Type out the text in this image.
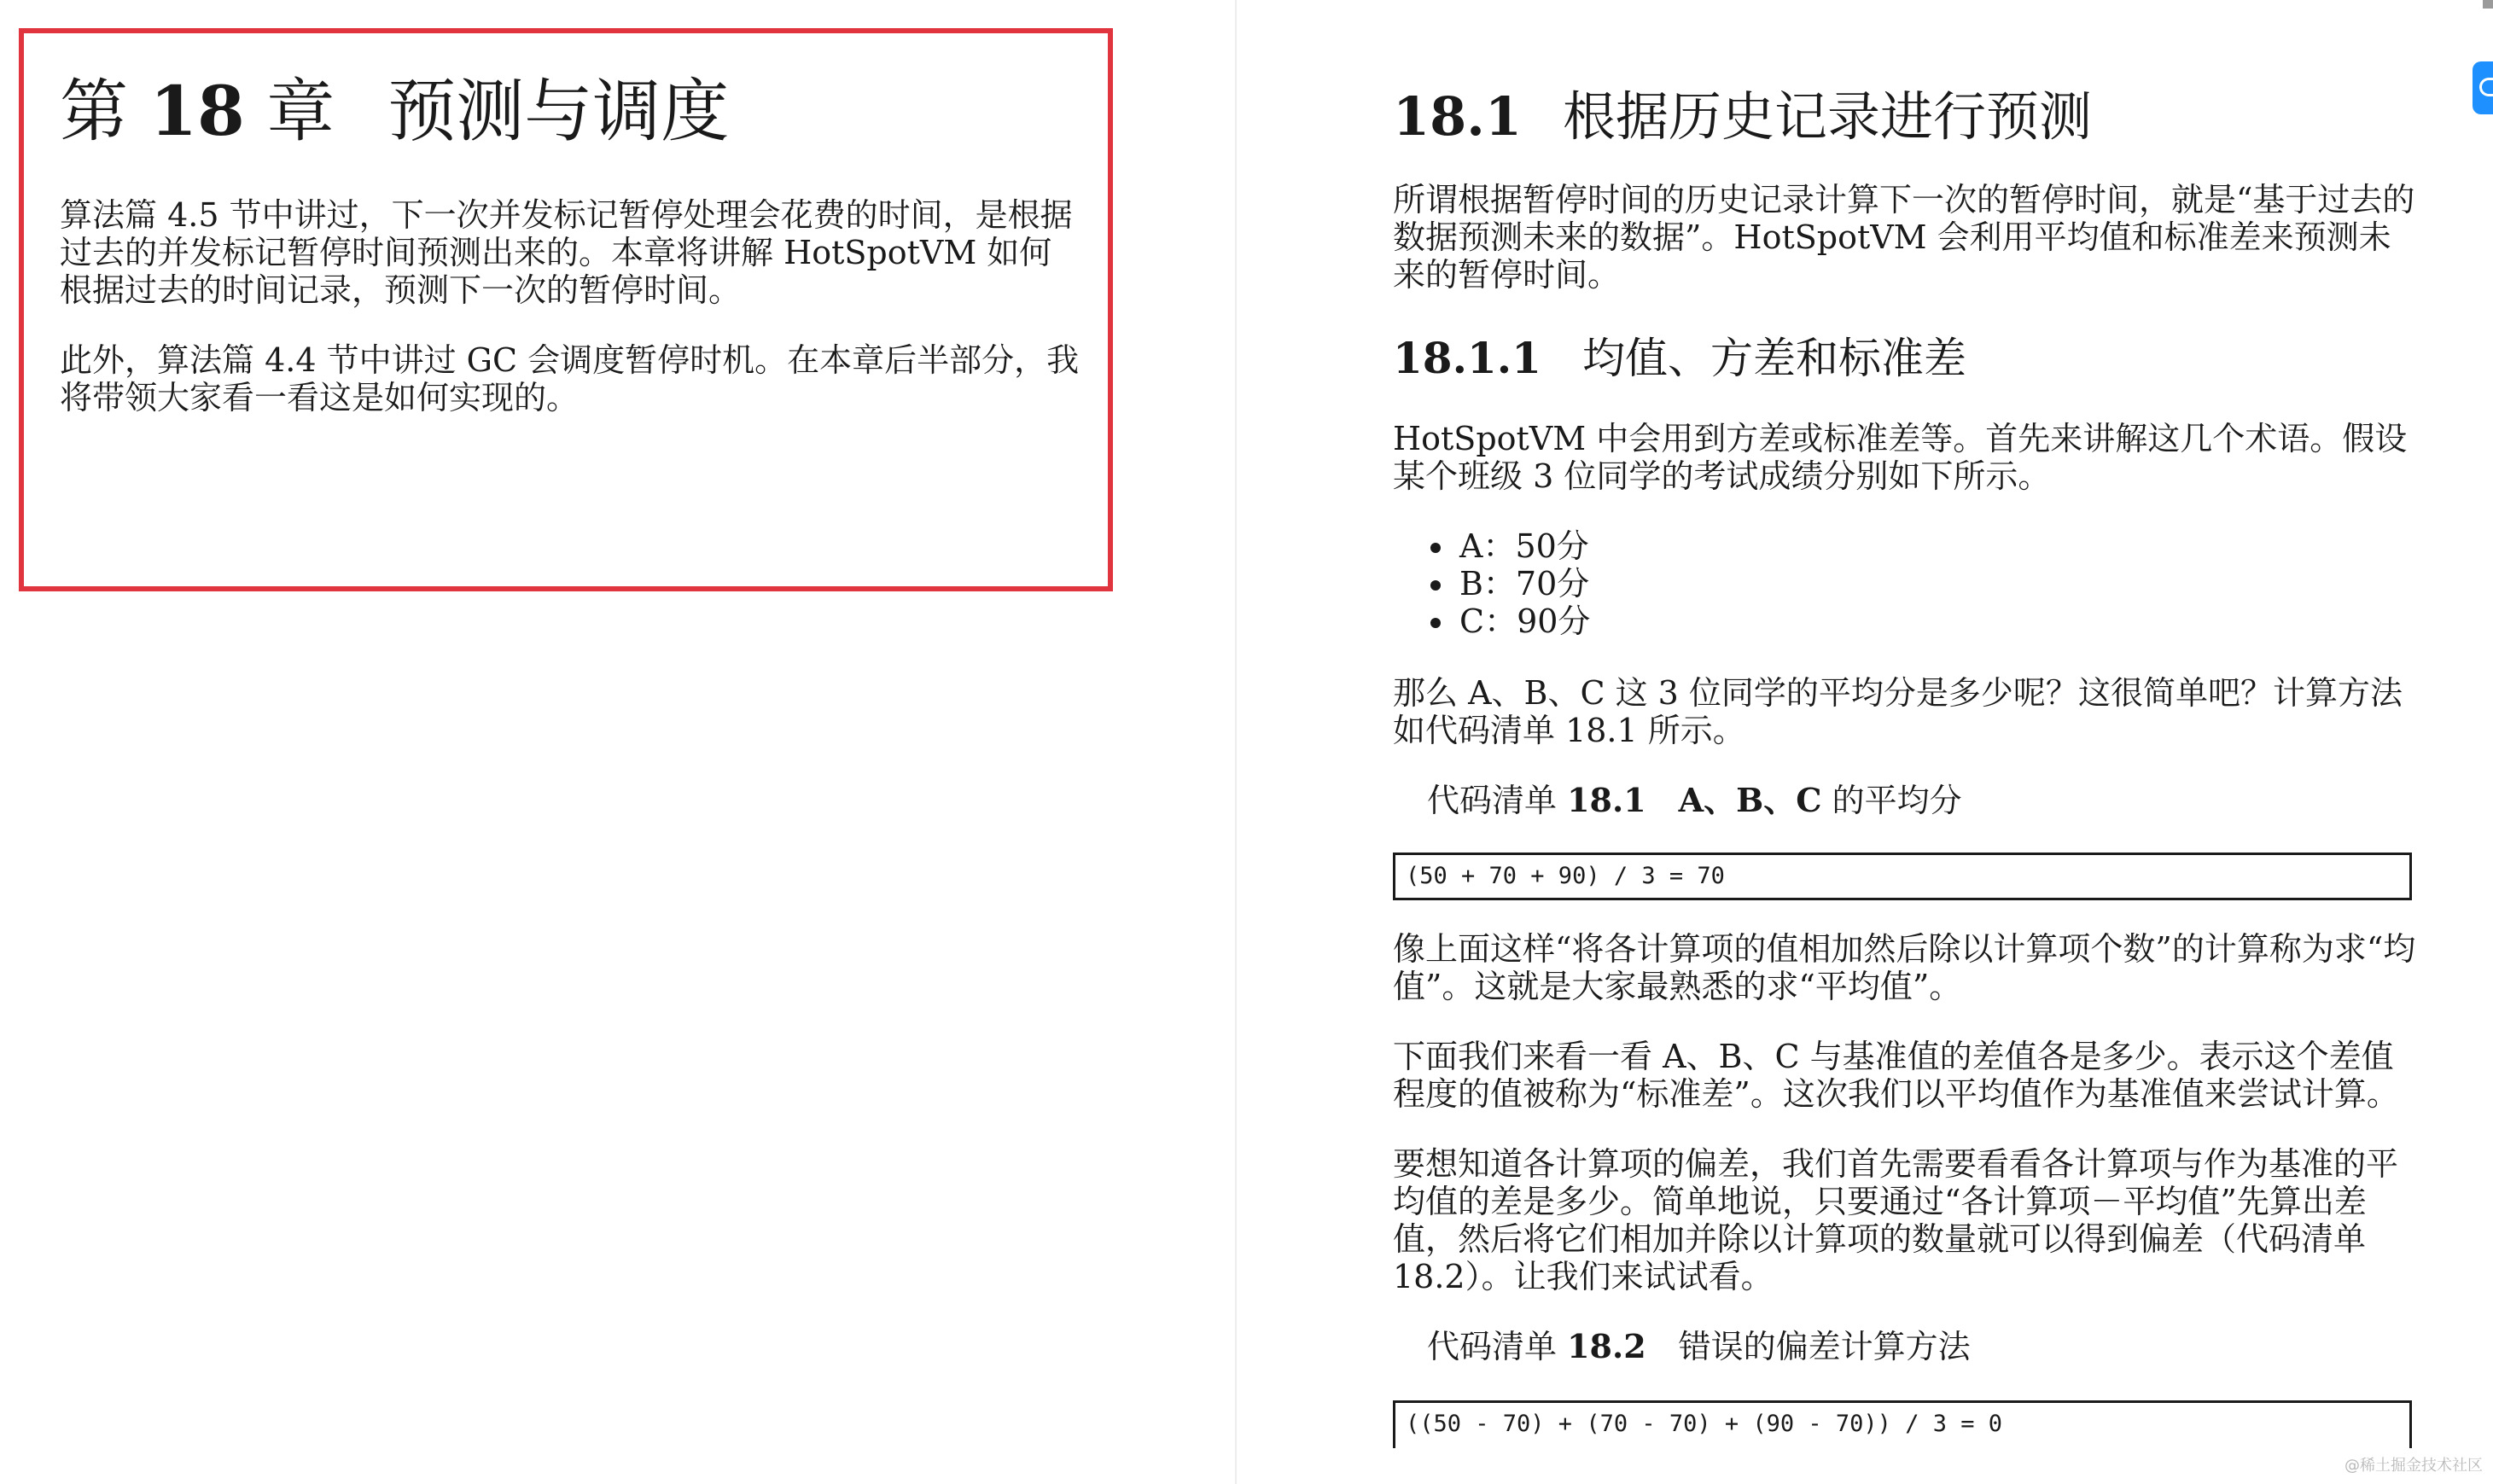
第 18 章 预测与调度

算法篇 4.5 节中讲过，下一次并发标记暂停处理会花费的时间，是根据过去的并发标记暂停时间预测出来的。本章将讲解 HotSpotVM 如何根据过去的时间记录，预测下一次的暂停时间。

此外，算法篇 4.4 节中讲过 GC 会调度暂停时机。在本章后半部分，我将带领大家看一看这是如何实现的。

18.1 根据历史记录进行预测

所谓根据暂停时间的历史记录计算下一次的暂停时间，就是“基于过去的数据预测未来的数据”。HotSpotVM 会利用平均值和标准差来预测未来的暂停时间。

18.1.1 均值、方差和标准差

HotSpotVM 中会用到方差或标准差等。首先来讲解这几个术语。假设某个班级 3 位同学的考试成绩分别如下所示。

A：50分
B：70分
C：90分

那么 A、B、C 这 3 位同学的平均分是多少呢？这很简单吧？计算方法如代码清单 18.1 所示。

代码清单 18.1 A、B、C 的平均分
(50 + 70 + 90) / 3 = 70

像上面这样“将各计算项的值相加然后除以计算项个数”的计算称为求“均值”。这就是大家最熟悉的求“平均值”。

下面我们来看一看 A、B、C 与基准值的差值各是多少。表示这个差值程度的值被称为“标准差”。这次我们以平均值作为基准值来尝试计算。

要想知道各计算项的偏差，我们首先需要看看各计算项与作为基准的平均值的差是多少。简单地说，只要通过“各计算项－平均值”先算出差值，然后将它们相加并除以计算项的数量就可以得到偏差（代码清单 18.2）。让我们来试试看。

代码清单 18.2 错误的偏差计算方法
((50 - 70) + (70 - 70) + (90 - 70)) / 3 = 0
@稀土掘金技术社区
